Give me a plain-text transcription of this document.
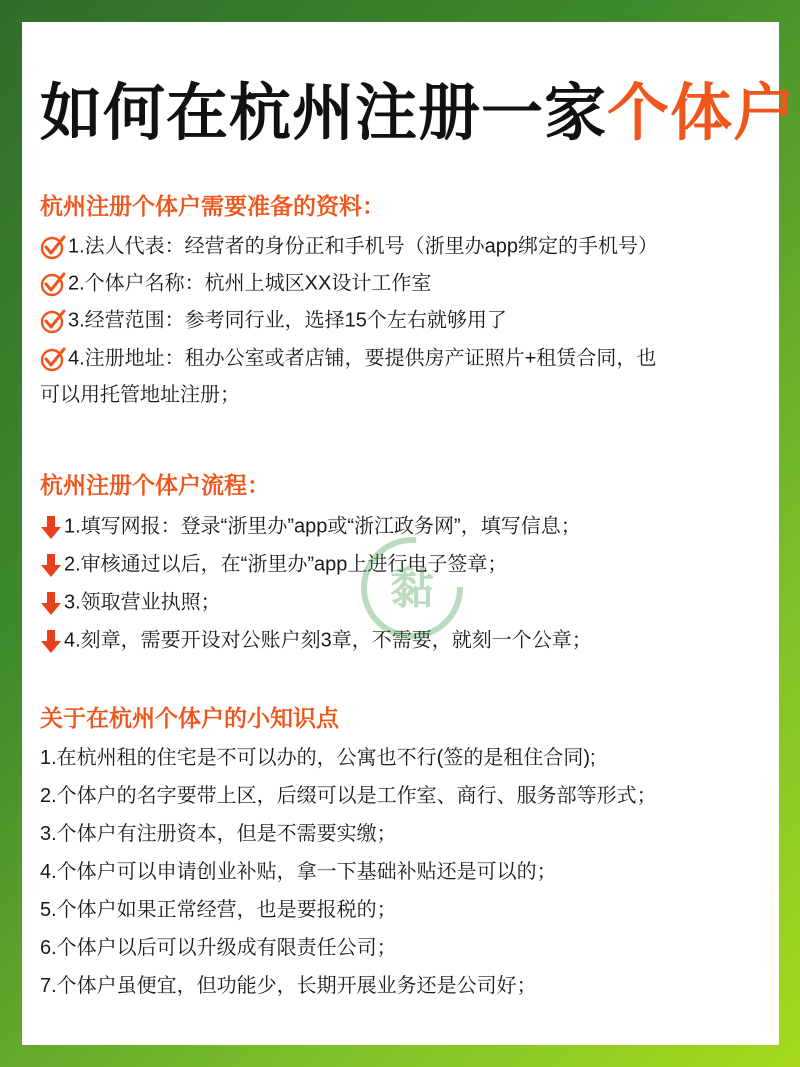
如何在杭州注册一家个体户
杭州注册个体户需要准备的资料：
1.法人代表：经营者的身份正和手机号（浙里办app绑定的手机号）
2.个体户名称：杭州上城区XX设计工作室
3.经营范围：参考同行业，选择15个左右就够用了
4.注册地址：租办公室或者店铺，要提供房产证照片+租赁合同，也
可以用托管地址注册；
杭州注册个体户流程：
1.填写网报：登录“浙里办”app或“浙江政务网”，填写信息；
2.审核通过以后，在“浙里办”app上进行电子签章；
3.领取营业执照；
4.刻章，需要开设对公账户刻3章，不需要，就刻一个公章；
关于在杭州个体户的小知识点
1.在杭州租的住宅是不可以办的，公寓也不行(签的是租住合同);
2.个体户的名字要带上区，后缀可以是工作室、商行、服务部等形式；
3.个体户有注册资本，但是不需要实缴；
4.个体户可以申请创业补贴，拿一下基础补贴还是可以的；
5.个体户如果正常经营，也是要报税的；
6.个体户以后可以升级成有限责任公司；
7.个体户虽便宜，但功能少，长期开展业务还是公司好；
黏
